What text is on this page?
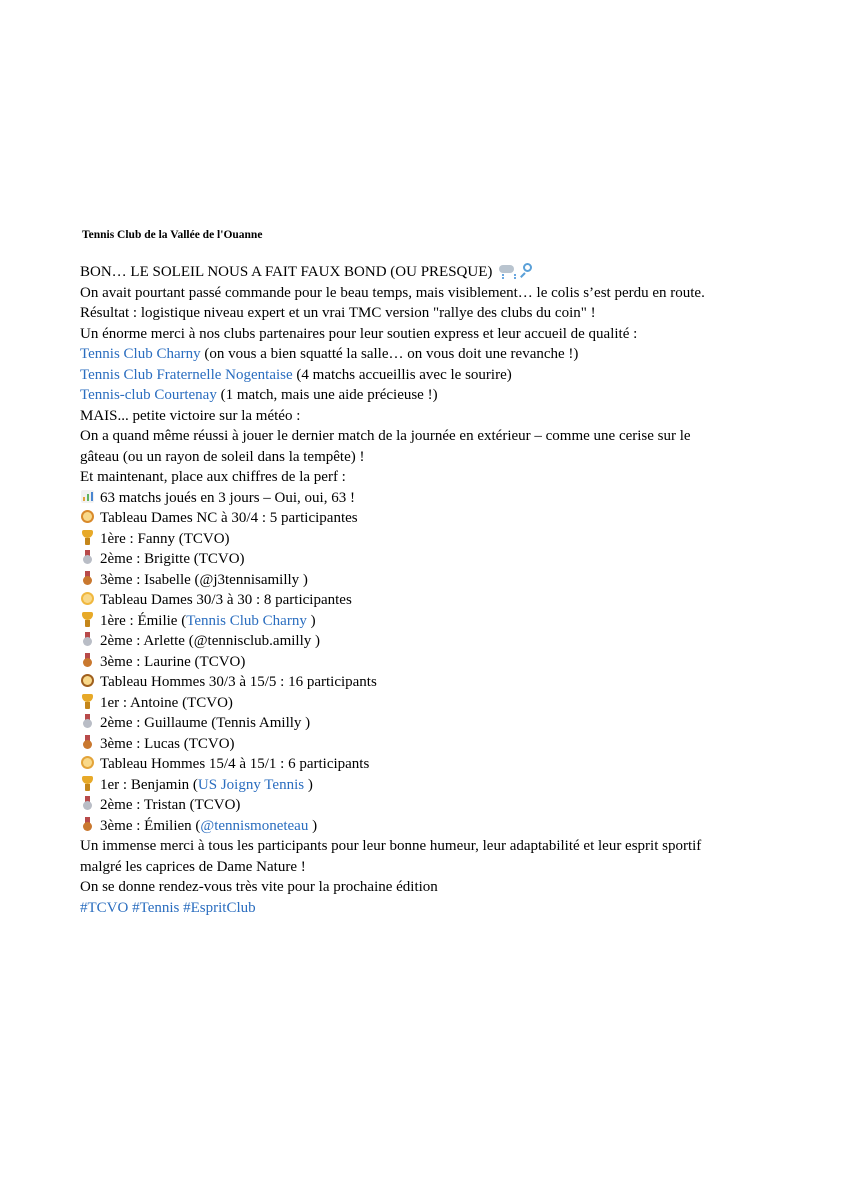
Tennis Club de la Vallée de l'Ouanne
BON… LE SOLEIL NOUS A FAIT FAUX BOND (OU PRESQUE)
On avait pourtant passé commande pour le beau temps, mais visiblement… le colis s’est perdu en route.
Résultat : logistique niveau expert et un vrai TMC version "rallye des clubs du coin" !
Un énorme merci à nos clubs partenaires pour leur soutien express et leur accueil de qualité :
Tennis Club Charny (on vous a bien squatté la salle… on vous doit une revanche !)
Tennis Club Fraternelle Nogentaise (4 matchs accueillis avec le sourire)
Tennis-club Courtenay (1 match, mais une aide précieuse !)
MAIS... petite victoire sur la météo :
On a quand même réussi à jouer le dernier match de la journée en extérieur – comme une cerise sur le
gâteau (ou un rayon de soleil dans la tempête) !
Et maintenant, place aux chiffres de la perf :
63 matchs joués en 3 jours – Oui, oui, 63 !
Tableau Dames NC à 30/4 : 5 participantes
1ère : Fanny (TCVO)
2ème : Brigitte (TCVO)
3ème : Isabelle (@j3tennisamilly )
Tableau Dames 30/3 à 30 : 8 participantes
1ère : Émilie (Tennis Club Charny )
2ème : Arlette (@tennisclub.amilly )
3ème : Laurine (TCVO)
Tableau Hommes 30/3 à 15/5 : 16 participants
1er : Antoine (TCVO)
2ème : Guillaume (Tennis Amilly )
3ème : Lucas (TCVO)
Tableau Hommes 15/4 à 15/1 : 6 participants
1er : Benjamin (US Joigny Tennis )
2ème : Tristan (TCVO)
3ème : Émilien (@tennismoneteau )
Un immense merci à tous les participants pour leur bonne humeur, leur adaptabilité et leur esprit sportif
malgré les caprices de Dame Nature !
On se donne rendez-vous très vite pour la prochaine édition
#TCVO #Tennis #EspritClub
